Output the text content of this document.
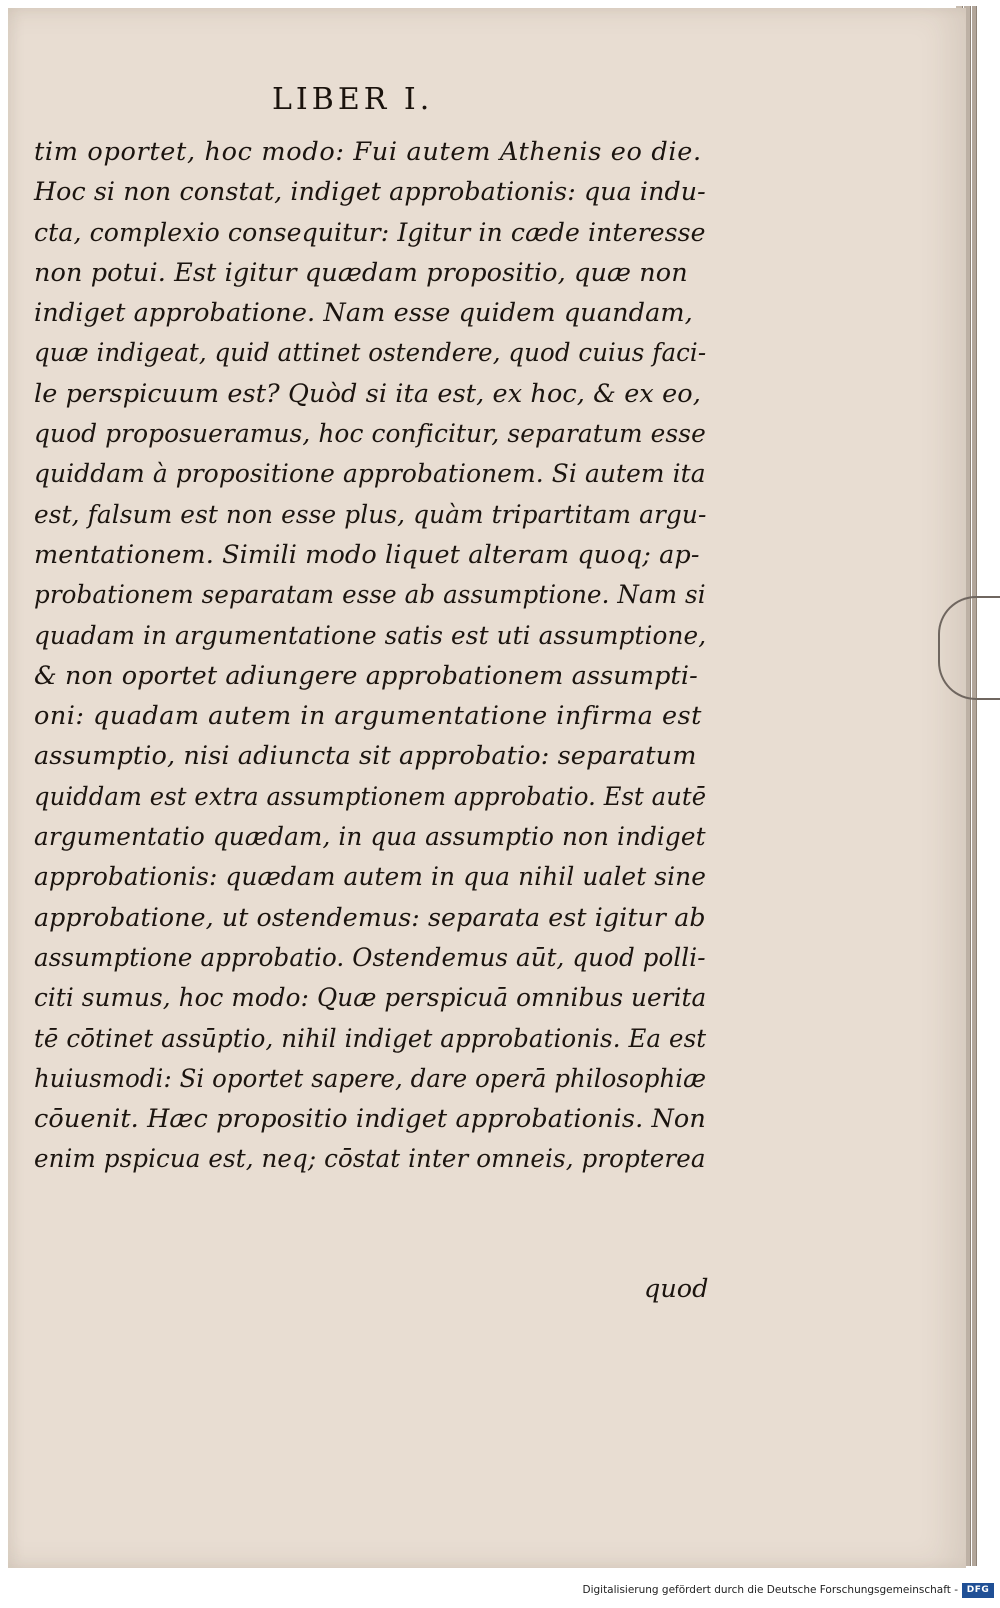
LIBER I.
tim oportet, hoc modo: Fui autem Athenis eo die.
Hoc si non constat, indiget approbationis: qua indu-
cta, complexio consequitur: Igitur in cæde interesse
non potui. Est igitur quædam propositio, quæ non
indiget approbatione. Nam esse quidem quandam,
quæ indigeat, quid attinet ostendere, quod cuius faci-
le perspicuum est? Quòd si ita est, ex hoc, & ex eo,
quod proposueramus, hoc conficitur, separatum esse
quiddam à propositione approbationem. Si autem ita
est, falsum est non esse plus, quàm tripartitam argu-
mentationem. Simili modo liquet alteram quoq; ap-
probationem separatam esse ab assumptione. Nam si
quadam in argumentatione satis est uti assumptione,
& non oportet adiungere approbationem assumpti-
oni: quadam autem in argumentatione infirma est
assumptio, nisi adiuncta sit approbatio: separatum
quiddam est extra assumptionem approbatio. Est autē
argumentatio quædam, in qua assumptio non indiget
approbationis: quædam autem in qua nihil ualet sine
approbatione, ut ostendemus: separata est igitur ab
assumptione approbatio. Ostendemus aūt, quod polli-
citi sumus, hoc modo: Quæ perspicuā omnibus uerita
tē cōtinet assūptio, nihil indiget approbationis. Ea est
huiusmodi: Si oportet sapere, dare operā philosophiæ
cōuenit. Hæc propositio indiget approbationis. Non
enim pspicua est, neq; cōstat inter omneis, propterea
quod
Digitalisierung gefördert durch die Deutsche Forschungsgemeinschaft - DFG
